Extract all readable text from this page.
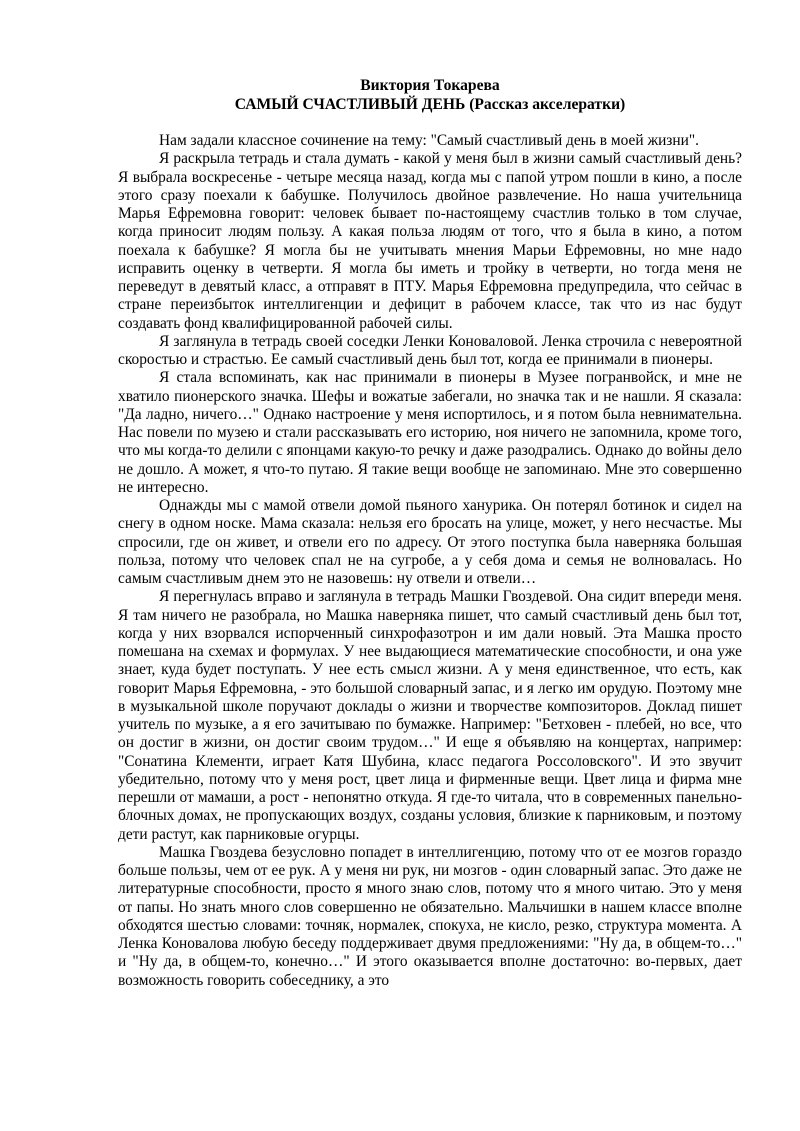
Виктория Токарева
САМЫЙ СЧАСТЛИВЫЙ ДЕНЬ (Рассказ акселератки)

Нам задали классное сочинение на тему: "Самый счастливый день в моей жизни".

Я раскрыла тетрадь и стала думать - какой у меня был в жизни самый счастливый день? Я выбрала воскресенье - четыре месяца назад, когда мы с папой утром пошли в кино, а после этого сразу поехали к бабушке. Получилось двойное развлечение. Но наша учительница Марья Ефремовна говорит: человек бывает по-настоящему счастлив только в том случае, когда приносит людям пользу. А какая польза людям от того, что я была в кино, а потом поехала к бабушке? Я могла бы не учитывать мнения Марьи Ефремовны, но мне надо исправить оценку в четверти. Я могла бы иметь и тройку в четверти, но тогда меня не переведут в девятый класс, а отправят в ПТУ. Марья Ефремовна предупредила, что сейчас в стране переизбыток интеллигенции и дефицит в рабочем классе, так что из нас будут создавать фонд квалифицированной рабочей силы.

Я заглянула в тетрадь своей соседки Ленки Коноваловой. Ленка строчила с невероятной скоростью и страстью. Ее самый счастливый день был тот, когда ее принимали в пионеры.

Я стала вспоминать, как нас принимали в пионеры в Музее погранвойск, и мне не хватило пионерского значка. Шефы и вожатые забегали, но значка так и не нашли. Я сказала: "Да ладно, ничего…" Однако настроение у меня испортилось, и я потом была невнимательна. Нас повели по музею и стали рассказывать его историю, ноя ничего не запомнила, кроме того, что мы когда-то делили с японцами какую-то речку и даже разодрались. Однако до войны дело не дошло. А может, я что-то путаю. Я такие вещи вообще не запоминаю. Мне это совершенно не интересно.

Однажды мы с мамой отвели домой пьяного ханурика. Он потерял ботинок и сидел на снегу в одном носке. Мама сказала: нельзя его бросать на улице, может, у него несчастье. Мы спросили, где он живет, и отвели его по адресу. От этого поступка была наверняка большая польза, потому что человек спал не на сугробе, а у себя дома и семья не волновалась. Но самым счастливым днем это не назовешь: ну отвели и отвели…

Я перегнулась вправо и заглянула в тетрадь Машки Гвоздевой. Она сидит впереди меня. Я там ничего не разобрала, но Машка наверняка пишет, что самый счастливый день был тот, когда у них взорвался испорченный синхрофазотрон и им дали новый. Эта Машка просто помешана на схемах и формулах. У нее выдающиеся математические способности, и она уже знает, куда будет поступать. У нее есть смысл жизни. А у меня единственное, что есть, как говорит Марья Ефремовна, - это большой словарный запас, и я легко им орудую. Поэтому мне в музыкальной школе поручают доклады о жизни и творчестве композиторов. Доклад пишет учитель по музыке, а я его зачитываю по бумажке. Например: "Бетховен - плебей, но все, что он достиг в жизни, он достиг своим трудом…" И еще я объявляю на концертах, например: "Сонатина Клементи, играет Катя Шубина, класс педагога Россоловского". И это звучит убедительно, потому что у меня рост, цвет лица и фирменные вещи. Цвет лица и фирма мне перешли от мамаши, а рост - непонятно откуда. Я где-то читала, что в современных панельно-блочных домах, не пропускающих воздух, созданы условия, близкие к парниковым, и поэтому дети растут, как парниковые огурцы.

Машка Гвоздева безусловно попадет в интеллигенцию, потому что от ее мозгов гораздо больше пользы, чем от ее рук. А у меня ни рук, ни мозгов - один словарный запас. Это даже не литературные способности, просто я много знаю слов, потому что я много читаю. Это у меня от папы. Но знать много слов совершенно не обязательно. Мальчишки в нашем классе вполне обходятся шестью словами: точняк, нормалек, спокуха, не кисло, резко, структура момента. А Ленка Коновалова любую беседу поддерживает двумя предложениями: "Ну да, в общем-то…" и "Ну да, в общем-то, конечно…" И этого оказывается вполне достаточно: во-первых, дает возможность говорить собеседнику, а это
